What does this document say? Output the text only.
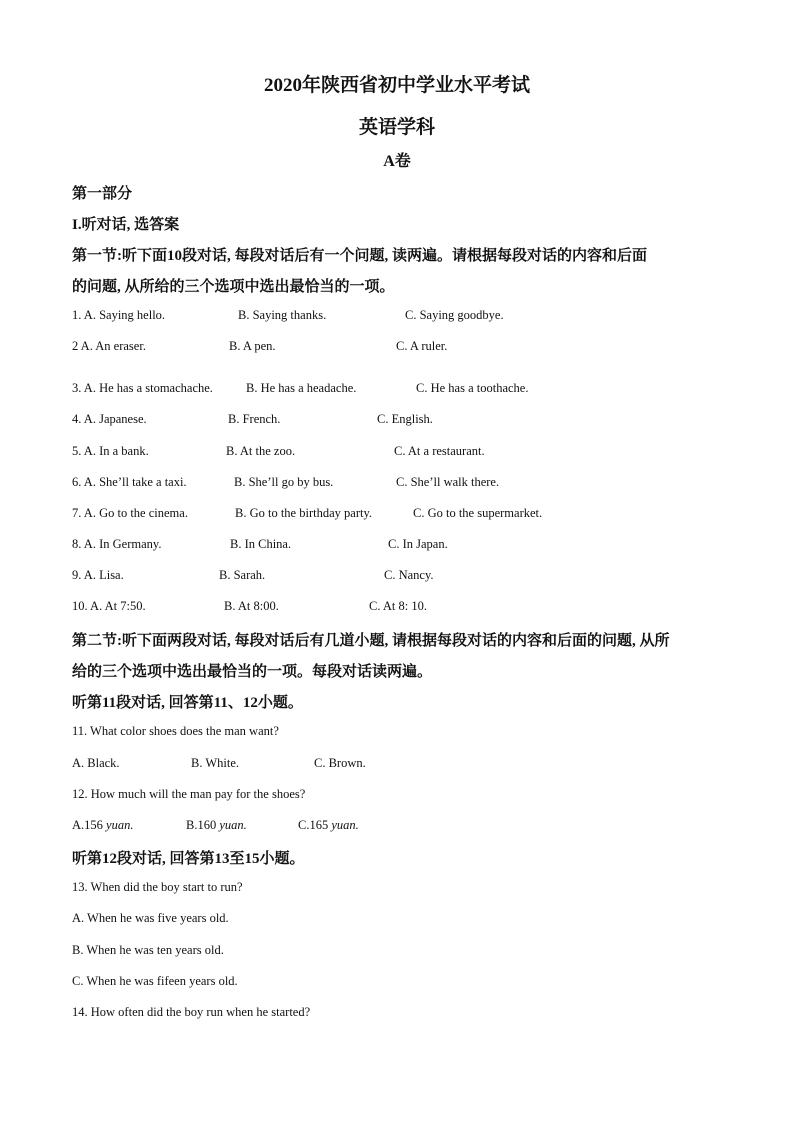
2020年陕西省初中学业水平考试
英语学科
A卷
第一部分
I.听对话, 选答案
第一节:听下面10段对话, 每段对话后有一个问题, 读两遍。请根据每段对话的内容和后面
的问题, 从所给的三个选项中选出最恰当的一项。
1. A. Saying hello.	B. Saying thanks.	C. Saying goodbye.
2 A. An eraser.	B. A pen.	C. A ruler.
3. A. He has a stomachache.	B. He has a headache.	C. He has a toothache.
4. A. Japanese.	B. French.	C. English.
5. A. In a bank.	B. At the zoo.	C. At a restaurant.
6. A. She’ll take a taxi.	B. She’ll go by bus.	C. She’ll walk there.
7. A. Go to the cinema.	B. Go to the birthday party.	C. Go to the supermarket.
8. A. In Germany.	B. In China.	C. In Japan.
9. A. Lisa.	B. Sarah.	C. Nancy.
10. A. At 7:50.	B. At 8:00.	C. At 8: 10.
第二节:听下面两段对话, 每段对话后有几道小题, 请根据每段对话的内容和后面的问题, 从所
给的三个选项中选出最恰当的一项。每段对话读两遍。
听第11段对话, 回答第11、12小题。
11. What color shoes does the man want?
A. Black.	B. White.	C. Brown.
12. How much will the man pay for the shoes?
A.156 yuan.	B.160 yuan.	C.165 yuan.
听第12段对话, 回答第13至15小题。
13. When did the boy start to run?
A. When he was five years old.
B. When he was ten years old.
C. When he was fifeen years old.
14. How often did the boy run when he started?
